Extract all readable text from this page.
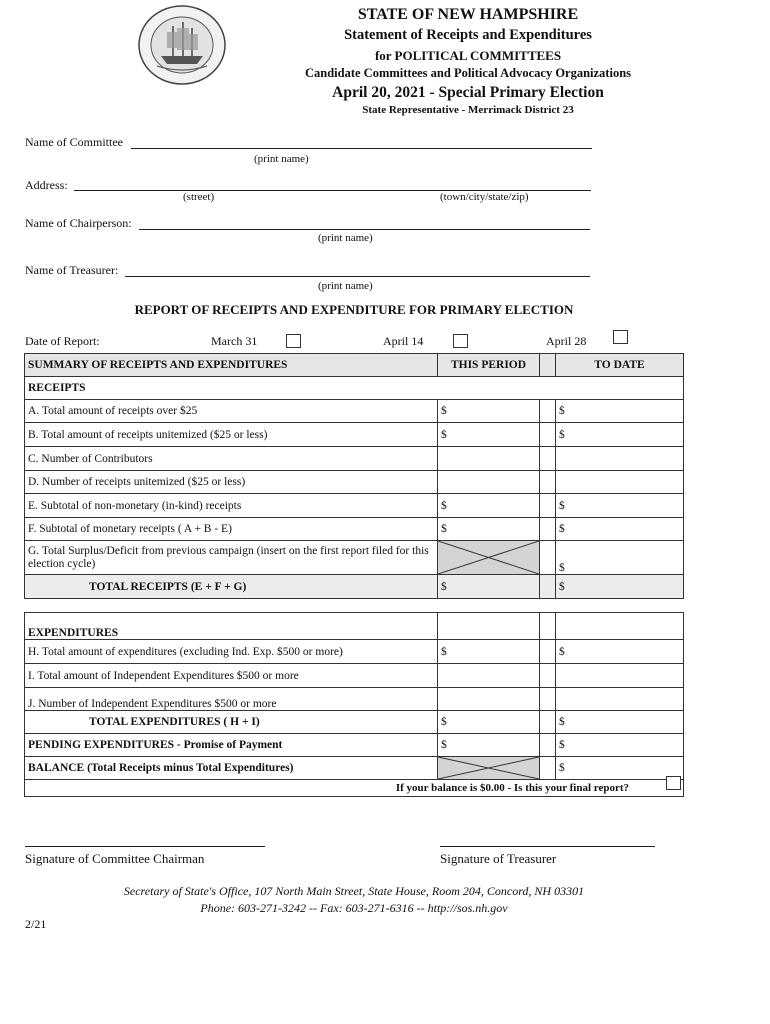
STATE OF NEW HAMPSHIRE
Statement of Receipts and Expenditures
for POLITICAL COMMITTEES
Candidate Committees and Political Advocacy Organizations
April 20, 2021 - Special Primary Election
State Representative - Merrimack District 23
Name of Committee
(print name)
Address:
(street)	(town/city/state/zip)
Name of Chairperson:
(print name)
Name of Treasurer:
(print name)
REPORT OF RECEIPTS AND EXPENDITURE FOR PRIMARY ELECTION
Date of Report:	March 31	April 14	April 28
SUMMARY OF RECEIPTS AND EXPENDITURES	THIS PERIOD		TO DATE
RECEIPTS			
A. Total amount of receipts over $25	$		$
B. Total amount of receipts unitemized ($25 or less)	$		$
C. Number of Contributors			
D. Number of receipts unitemized ($25 or less)			
E. Subtotal of non-monetary (in-kind) receipts	$		$
F. Subtotal of monetary receipts ( A + B - E)	$		$
G. Total Surplus/Deficit from previous campaign (insert on the first report filed for this election cycle)			$
TOTAL RECEIPTS (E + F + G)	$		$
EXPENDITURES			
H. Total amount of expenditures (excluding Ind. Exp. $500 or more)	$		$
I. Total amount of Independent Expenditures $500 or more			
J. Number of Independent Expenditures $500 or more			
TOTAL EXPENDITURES ( H + I)	$		$
PENDING EXPENDITURES - Promise of Payment	$		$
BALANCE (Total Receipts minus Total Expenditures)			$
If your balance is $0.00 - Is this your final report?			
Signature of Committee Chairman	Signature of Treasurer
Secretary of State's Office, 107 North Main Street, State House, Room 204, Concord, NH 03301
Phone: 603-271-3242 -- Fax: 603-271-6316 -- http://sos.nh.gov
2/21
